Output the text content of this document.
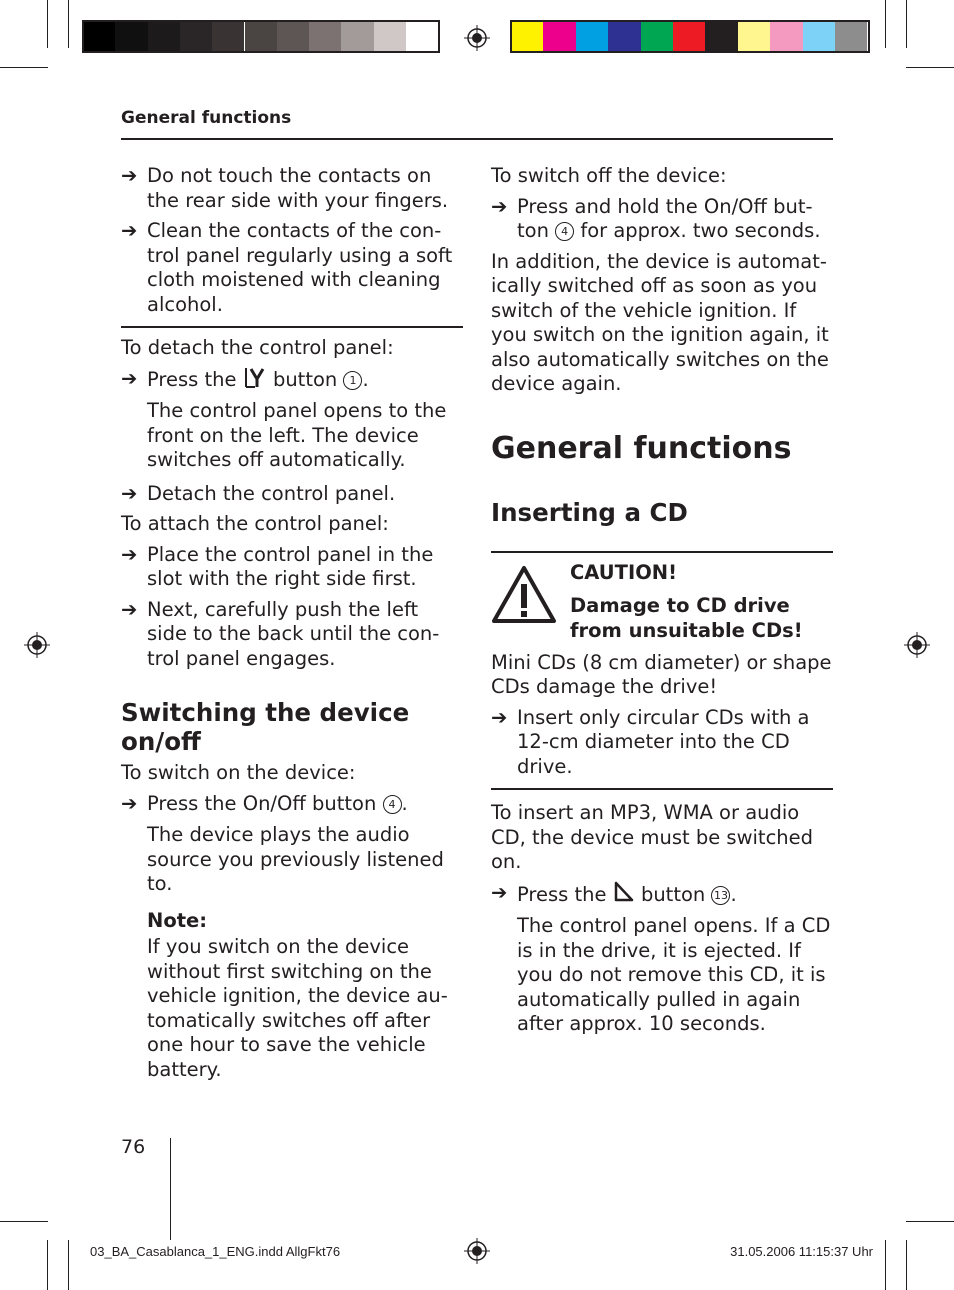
General functions
➔ Do not touch the contacts on the rear side with your fingers.
➔ Clean the contacts of the con-trol panel regularly using a soft cloth moistened with cleaning alcohol.

To detach the control panel:

➔ Press the button 1 .

The control panel opens to the front on the left. The device switches off automatically.

➔ Detach the control panel.

To attach the control panel:

➔ Place the control panel in the slot with the right side first.
➔ Next, carefully push the left side to the back until the con-trol panel engages.
Switching the device on/off

To switch on the device:

➔ Press the On/Off button 4 .

The device plays the audio source you previously listened to.

Note:

If you switch on the device without first switching on the vehicle ignition, the device au-tomatically switches off after one hour to save the vehicle battery.

To switch off the device:

➔ Press and hold the On/Off but-ton 4 for approx. two seconds.

In addition, the device is automat-ically switched off as soon as you switch of the vehicle ignition. If you switch on the ignition again, it also automatically switches on the device again.

General functions
Inserting a CD

CAUTION!

Damage to CD drive from unsuitable CDs!

Mini CDs (8 cm diameter) or shape CDs damage the drive!

➔ Insert only circular CDs with a 12-cm diameter into the CD drive.

To insert an MP3, WMA or audio CD, the device must be switched on.

➔ Press the button 13 .

The control panel opens. If a CD is in the drive, it is ejected. If you do not remove this CD, it is automatically pulled in again after approx. 10 seconds.

76
03_BA_Casablanca_1_ENG.indd AllgFkt76	31.05.2006 11:15:37 Uhr
